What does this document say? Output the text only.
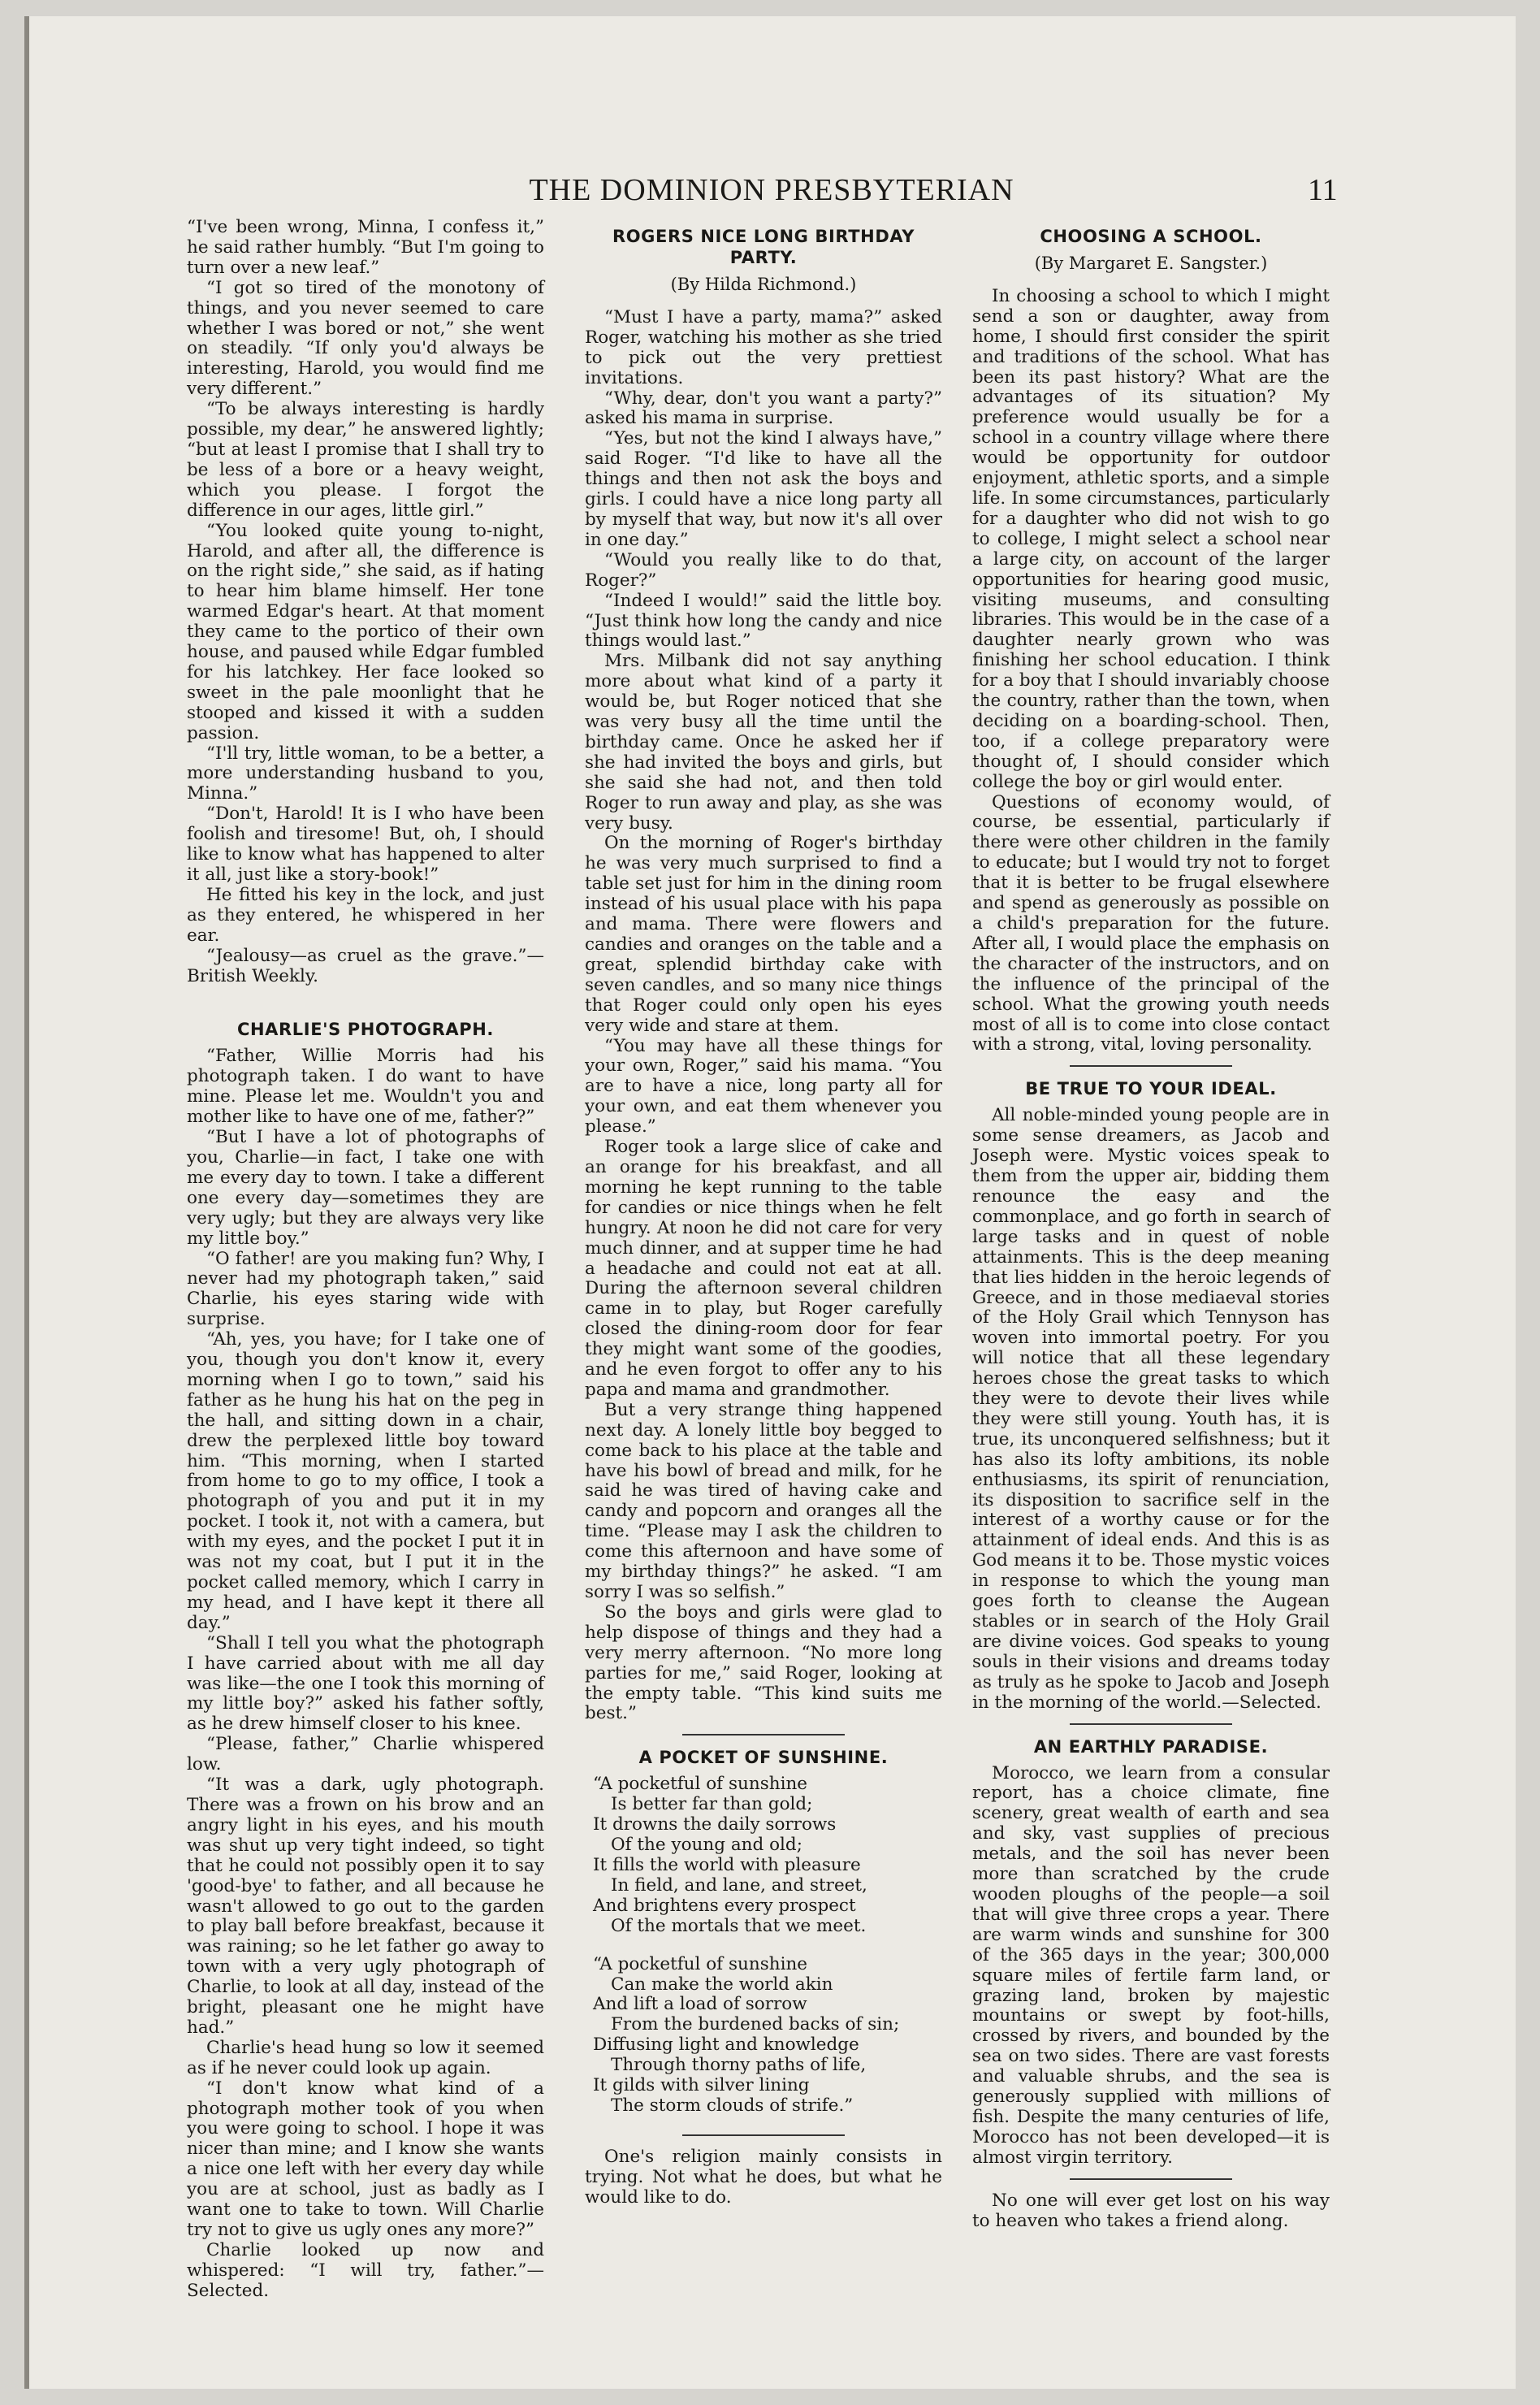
THE DOMINION PRESBYTERIAN	11

“I've been wrong, Minna, I confess it,” he said rather humbly. “But I'm going to turn over a new leaf.”

“I got so tired of the monotony of things, and you never seemed to care whether I was bored or not,” she went on steadily. “If only you'd always be interesting, Harold, you would find me very different.”

“To be always interesting is hardly possible, my dear,” he answered lightly; “but at least I promise that I shall try to be less of a bore or a heavy weight, which you please. I forgot the difference in our ages, little girl.”

“You looked quite young to-night, Harold, and after all, the difference is on the right side,” she said, as if hating to hear him blame himself. Her tone warmed Edgar's heart. At that moment they came to the portico of their own house, and paused while Edgar fumbled for his latchkey. Her face looked so sweet in the pale moonlight that he stooped and kissed it with a sudden passion.

“I'll try, little woman, to be a better, a more understanding husband to you, Minna.”

“Don't, Harold! It is I who have been foolish and tiresome! But, oh, I should like to know what has happened to alter it all, just like a story-book!”

He fitted his key in the lock, and just as they entered, he whispered in her ear.

“Jealousy—as cruel as the grave.”—British Weekly.

CHARLIE'S PHOTOGRAPH.

“Father, Willie Morris had his photograph taken. I do want to have mine. Please let me. Wouldn't you and mother like to have one of me, father?”

“But I have a lot of photographs of you, Charlie—in fact, I take one with me every day to town. I take a different one every day—sometimes they are very ugly; but they are always very like my little boy.”

“O father! are you making fun? Why, I never had my photograph taken,” said Charlie, his eyes staring wide with surprise.

“Ah, yes, you have; for I take one of you, though you don't know it, every morning when I go to town,” said his father as he hung his hat on the peg in the hall, and sitting down in a chair, drew the perplexed little boy toward him. “This morning, when I started from home to go to my office, I took a photograph of you and put it in my pocket. I took it, not with a camera, but with my eyes, and the pocket I put it in was not my coat, but I put it in the pocket called memory, which I carry in my head, and I have kept it there all day.”

“Shall I tell you what the photograph I have carried about with me all day was like—the one I took this morning of my little boy?” asked his father softly, as he drew himself closer to his knee.

“Please, father,” Charlie whispered low.

“It was a dark, ugly photograph. There was a frown on his brow and an angry light in his eyes, and his mouth was shut up very tight indeed, so tight that he could not possibly open it to say 'good-bye' to father, and all because he wasn't allowed to go out to the garden to play ball before breakfast, because it was raining; so he let father go away to town with a very ugly photograph of Charlie, to look at all day, instead of the bright, pleasant one he might have had.”

Charlie's head hung so low it seemed as if he never could look up again.

“I don't know what kind of a photograph mother took of you when you were going to school. I hope it was nicer than mine; and I know she wants a nice one left with her every day while you are at school, just as badly as I want one to take to town. Will Charlie try not to give us ugly ones any more?”

Charlie looked up now and whispered: “I will try, father.”—Selected.

ROGERS NICE LONG BIRTHDAY PARTY.
(By Hilda Richmond.)

“Must I have a party, mama?” asked Roger, watching his mother as she tried to pick out the very prettiest invitations.

“Why, dear, don't you want a party?” asked his mama in surprise.

“Yes, but not the kind I always have,” said Roger. “I'd like to have all the things and then not ask the boys and girls. I could have a nice long party all by myself that way, but now it's all over in one day.”

“Would you really like to do that, Roger?”

“Indeed I would!” said the little boy. “Just think how long the candy and nice things would last.”

Mrs. Milbank did not say anything more about what kind of a party it would be, but Roger noticed that she was very busy all the time until the birthday came. Once he asked her if she had invited the boys and girls, but she said she had not, and then told Roger to run away and play, as she was very busy.

On the morning of Roger's birthday he was very much surprised to find a table set just for him in the dining room instead of his usual place with his papa and mama. There were flowers and candies and oranges on the table and a great, splendid birthday cake with seven candles, and so many nice things that Roger could only open his eyes very wide and stare at them.

“You may have all these things for your own, Roger,” said his mama. “You are to have a nice, long party all for your own, and eat them whenever you please.”

Roger took a large slice of cake and an orange for his breakfast, and all morning he kept running to the table for candies or nice things when he felt hungry. At noon he did not care for very much dinner, and at supper time he had a headache and could not eat at all. During the afternoon several children came in to play, but Roger carefully closed the dining-room door for fear they might want some of the goodies, and he even forgot to offer any to his papa and mama and grandmother.

But a very strange thing happened next day. A lonely little boy begged to come back to his place at the table and have his bowl of bread and milk, for he said he was tired of having cake and candy and popcorn and oranges all the time. “Please may I ask the children to come this afternoon and have some of my birthday things?” he asked. “I am sorry I was so selfish.”

So the boys and girls were glad to help dispose of things and they had a very merry afternoon. “No more long parties for me,” said Roger, looking at the empty table. “This kind suits me best.”

A POCKET OF SUNSHINE.
“A pocketful of sunshine
Is better far than gold;
It drowns the daily sorrows
Of the young and old;
It fills the world with pleasure
In field, and lane, and street,
And brightens every prospect
Of the mortals that we meet.
“A pocketful of sunshine
Can make the world akin
And lift a load of sorrow
From the burdened backs of sin;
Diffusing light and knowledge
Through thorny paths of life,
It gilds with silver lining
The storm clouds of strife.”

One's religion mainly consists in trying. Not what he does, but what he would like to do.

CHOOSING A SCHOOL.
(By Margaret E. Sangster.)

In choosing a school to which I might send a son or daughter, away from home, I should first consider the spirit and traditions of the school. What has been its past history? What are the advantages of its situation? My preference would usually be for a school in a country village where there would be opportunity for outdoor enjoyment, athletic sports, and a simple life. In some circumstances, particularly for a daughter who did not wish to go to college, I might select a school near a large city, on account of the larger opportunities for hearing good music, visiting museums, and consulting libraries. This would be in the case of a daughter nearly grown who was finishing her school education. I think for a boy that I should invariably choose the country, rather than the town, when deciding on a boarding-school. Then, too, if a college preparatory were thought of, I should consider which college the boy or girl would enter.

Questions of economy would, of course, be essential, particularly if there were other children in the family to educate; but I would try not to forget that it is better to be frugal elsewhere and spend as generously as possible on a child's preparation for the future. After all, I would place the emphasis on the character of the instructors, and on the influence of the principal of the school. What the growing youth needs most of all is to come into close contact with a strong, vital, loving personality.

BE TRUE TO YOUR IDEAL.

All noble-minded young people are in some sense dreamers, as Jacob and Joseph were. Mystic voices speak to them from the upper air, bidding them renounce the easy and the commonplace, and go forth in search of large tasks and in quest of noble attainments. This is the deep meaning that lies hidden in the heroic legends of Greece, and in those mediaeval stories of the Holy Grail which Tennyson has woven into immortal poetry. For you will notice that all these legendary heroes chose the great tasks to which they were to devote their lives while they were still young. Youth has, it is true, its unconquered selfishness; but it has also its lofty ambitions, its noble enthusiasms, its spirit of renunciation, its disposition to sacrifice self in the interest of a worthy cause or for the attainment of ideal ends. And this is as God means it to be. Those mystic voices in response to which the young man goes forth to cleanse the Augean stables or in search of the Holy Grail are divine voices. God speaks to young souls in their visions and dreams today as truly as he spoke to Jacob and Joseph in the morning of the world.—Selected.

AN EARTHLY PARADISE.

Morocco, we learn from a consular report, has a choice climate, fine scenery, great wealth of earth and sea and sky, vast supplies of precious metals, and the soil has never been more than scratched by the crude wooden ploughs of the people—a soil that will give three crops a year. There are warm winds and sunshine for 300 of the 365 days in the year; 300,000 square miles of fertile farm land, or grazing land, broken by majestic mountains or swept by foot-hills, crossed by rivers, and bounded by the sea on two sides. There are vast forests and valuable shrubs, and the sea is generously supplied with millions of fish. Despite the many centuries of life, Morocco has not been developed—it is almost virgin territory.

No one will ever get lost on his way to heaven who takes a friend along.
